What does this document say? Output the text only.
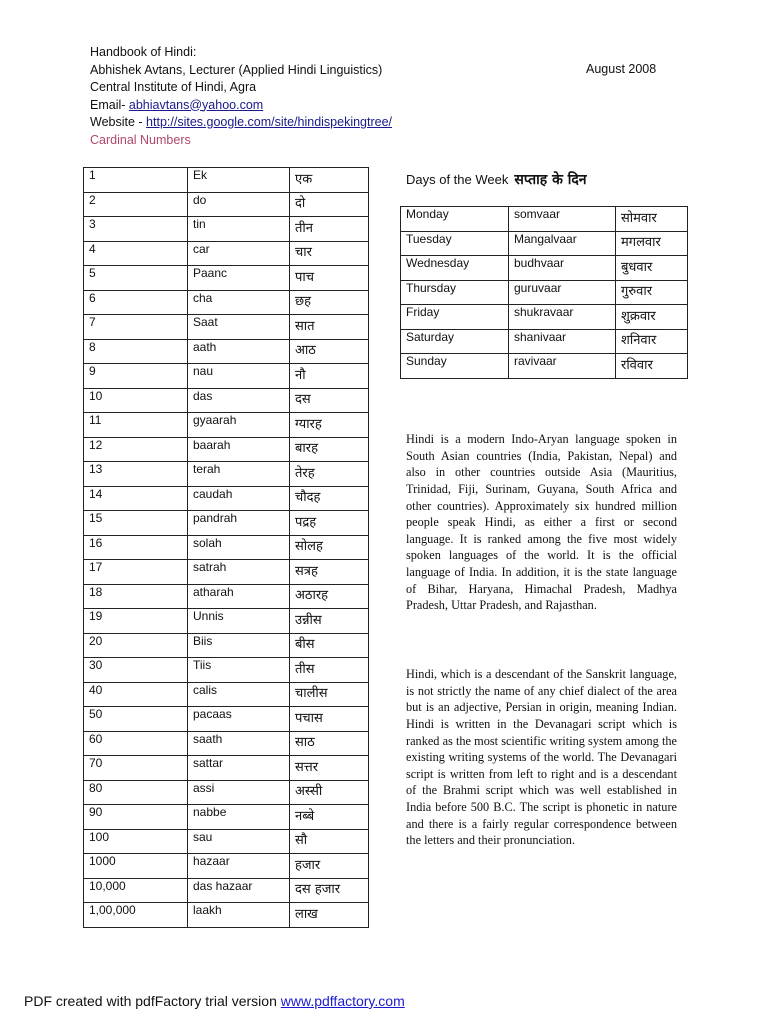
Handbook of Hindi:
Abhishek Avtans, Lecturer (Applied Hindi Linguistics)
Central Institute of Hindi, Agra
Email- abhiavtans@yahoo.com
Website - http://sites.google.com/site/hindispekingtree/
Cardinal Numbers
August 2008
1	Ek	एक
2	do	दो
3	tin	तीन
4	car	चार
5	Paanc	पाच
6	cha	छह
7	Saat	सात
8	aath	आठ
9	nau	नौ
10	das	दस
11	gyaarah	ग्यारह
12	baarah	बारह
13	terah	तेरह
14	caudah	चौदह
15	pandrah	पद्रह
16	solah	सोलह
17	satrah	सत्रह
18	atharah	अठारह
19	Unnis	उन्नीस
20	Biis	बीस
30	Tiis	तीस
40	calis	चालीस
50	pacaas	पचास
60	saath	साठ
70	sattar	सत्तर
80	assi	अस्सी
90	nabbe	नब्बे
100	sau	सौ
1000	hazaar	हजार
10,000	das hazaar	दस हजार
1,00,000	laakh	लाख
Days of the Week सप्ताह के दिन
Monday	somvaar	सोमवार
Tuesday	Mangalvaar	मगलवार
Wednesday	budhvaar	बुधवार
Thursday	guruvaar	गुरुवार
Friday	shukravaar	शुक्रवार
Saturday	shanivaar	शनिवार
Sunday	ravivaar	रविवार

Hindi is a modern Indo-Aryan language spoken in South Asian countries (India, Pakistan, Nepal) and also in other countries outside Asia (Mauritius, Trinidad, Fiji, Surinam, Guyana, South Africa and other countries). Approximately six hundred million people speak Hindi, as either a first or second language. It is ranked among the five most widely spoken languages of the world. It is the official language of India. In addition, it is the state language of Bihar, Haryana, Himachal Pradesh, Madhya Pradesh, Uttar Pradesh, and Rajasthan.

Hindi, which is a descendant of the Sanskrit language, is not strictly the name of any chief dialect of the area but is an adjective, Persian in origin, meaning Indian. Hindi is written in the Devanagari script which is ranked as the most scientific writing system among the existing writing systems of the world. The Devanagari script is written from left to right and is a descendant of the Brahmi script which was well established in India before 500 B.C. The script is phonetic in nature and there is a fairly regular correspondence between the letters and their pronunciation.

PDF created with pdfFactory trial version www.pdffactory.com
